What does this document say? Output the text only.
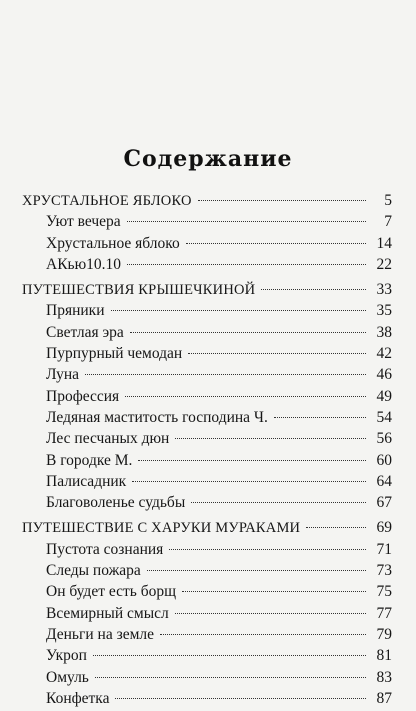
Содержание
ХРУСТАЛЬНОЕ ЯБЛОКО	5
Уют вечера	7
Хрустальное яблоко	14
АКью10.10	22
ПУТЕШЕСТВИЯ КРЫШЕЧКИНОЙ	33
Пряники	35
Светлая эра	38
Пурпурный чемодан	42
Луна	46
Профессия	49
Ледяная маститость господина Ч.	54
Лес песчаных дюн	56
В городке М.	60
Палисадник	64
Благоволенье судьбы	67
ПУТЕШЕСТВИЕ С ХАРУКИ МУРАКАМИ	69
Пустота сознания	71
Следы пожара	73
Он будет есть борщ	75
Всемирный смысл	77
Деньги на земле	79
Укроп	81
Омуль	83
Конфетка	87
